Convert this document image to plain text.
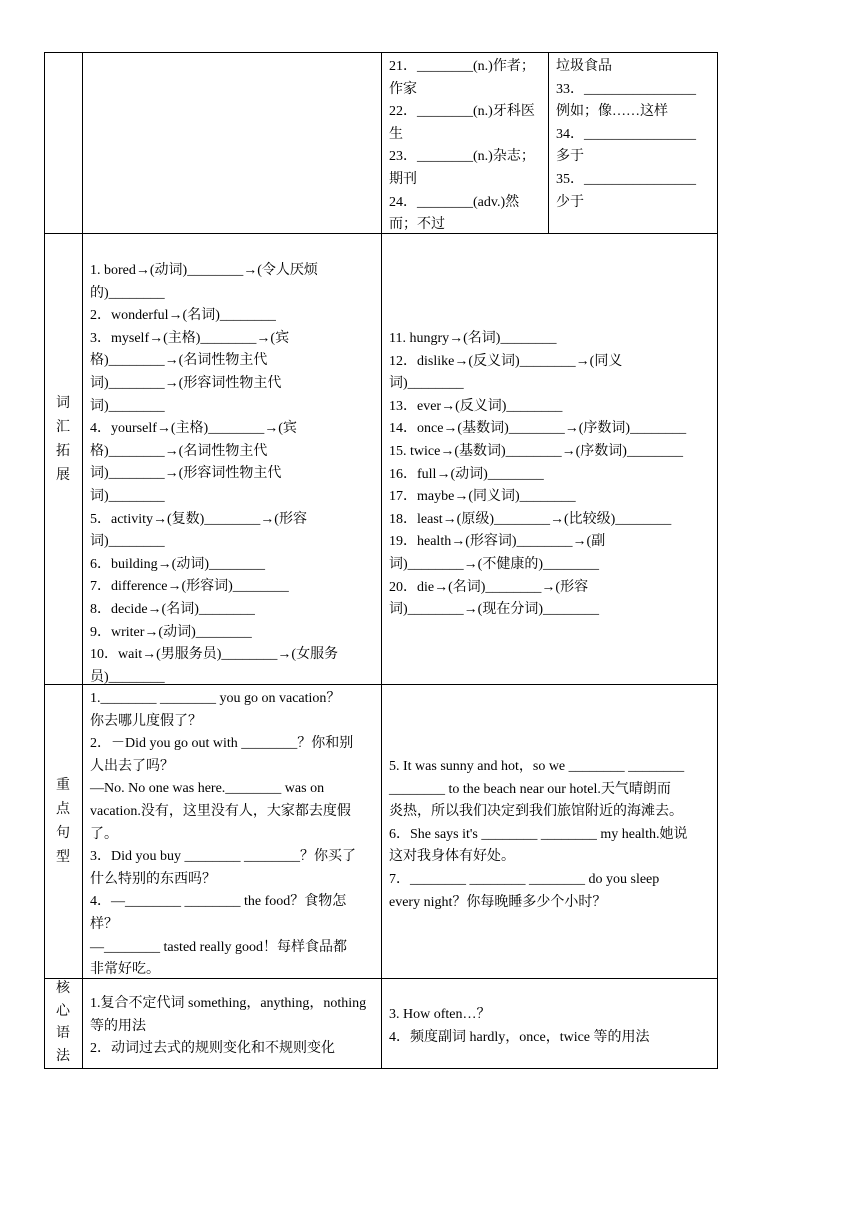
21．________(n.)作者；

作家

22．________(n.)牙科医

生

23．________(n.)杂志；

期刊

24．________(adv.)然

而；不过

垃圾食品

33．________________

例如；像……这样

34．________________

多于

35．________________

少于

词
汇
拓
展

1. bored→(动词)________→(令人厌烦

的)________

2．wonderful→(名词)________

3．myself→(主格)________→(宾

格)________→(名词性物主代

词)________→(形容词性物主代

词)________

4．yourself→(主格)________→(宾

格)________→(名词性物主代

词)________→(形容词性物主代

词)________

5．activity→(复数)________→(形容

词)________

6．building→(动词)________

7．difference→(形容词)________

8．decide→(名词)________

9．writer→(动词)________

10．wait→(男服务员)________→(女服务

员)________

11. hungry→(名词)________

12．dislike→(反义词)________→(同义

词)________

13．ever→(反义词)________

14．once→(基数词)________→(序数词)________

15. twice→(基数词)________→(序数词)________

16．full→(动词)________

17．maybe→(同义词)________

18．least→(原级)________→(比较级)________

19．health→(形容词)________→(副

词)________→(不健康的)________

20．die→(名词)________→(形容

词)________→(现在分词)________

重
点
句
型

1.________ ________ you go on vacation？

你去哪儿度假了？

2．－Did you go out with ________？你和别

人出去了吗？

—No. No one was here.________ was on

vacation.没有，这里没有人，大家都去度假

了。

3．Did you buy ________ ________？你买了

什么特别的东西吗？

4．—________ ________ the food？食物怎

样？

—________ tasted really good！每样食品都

非常好吃。

5. It was sunny and hot，so we ________ ________

________ to the beach near our hotel.天气晴朗而

炎热，所以我们决定到我们旅馆附近的海滩去。

6．She says it's ________ ________ my health.她说

这对我身体有好处。

7．________ ________ ________ do you sleep

every night？你每晚睡多少个小时？

核
心
语
法

1.复合不定代词 something，anything，nothing

等的用法

2．动词过去式的规则变化和不规则变化

3. How often…？

4．频度副词 hardly，once，twice 等的用法
